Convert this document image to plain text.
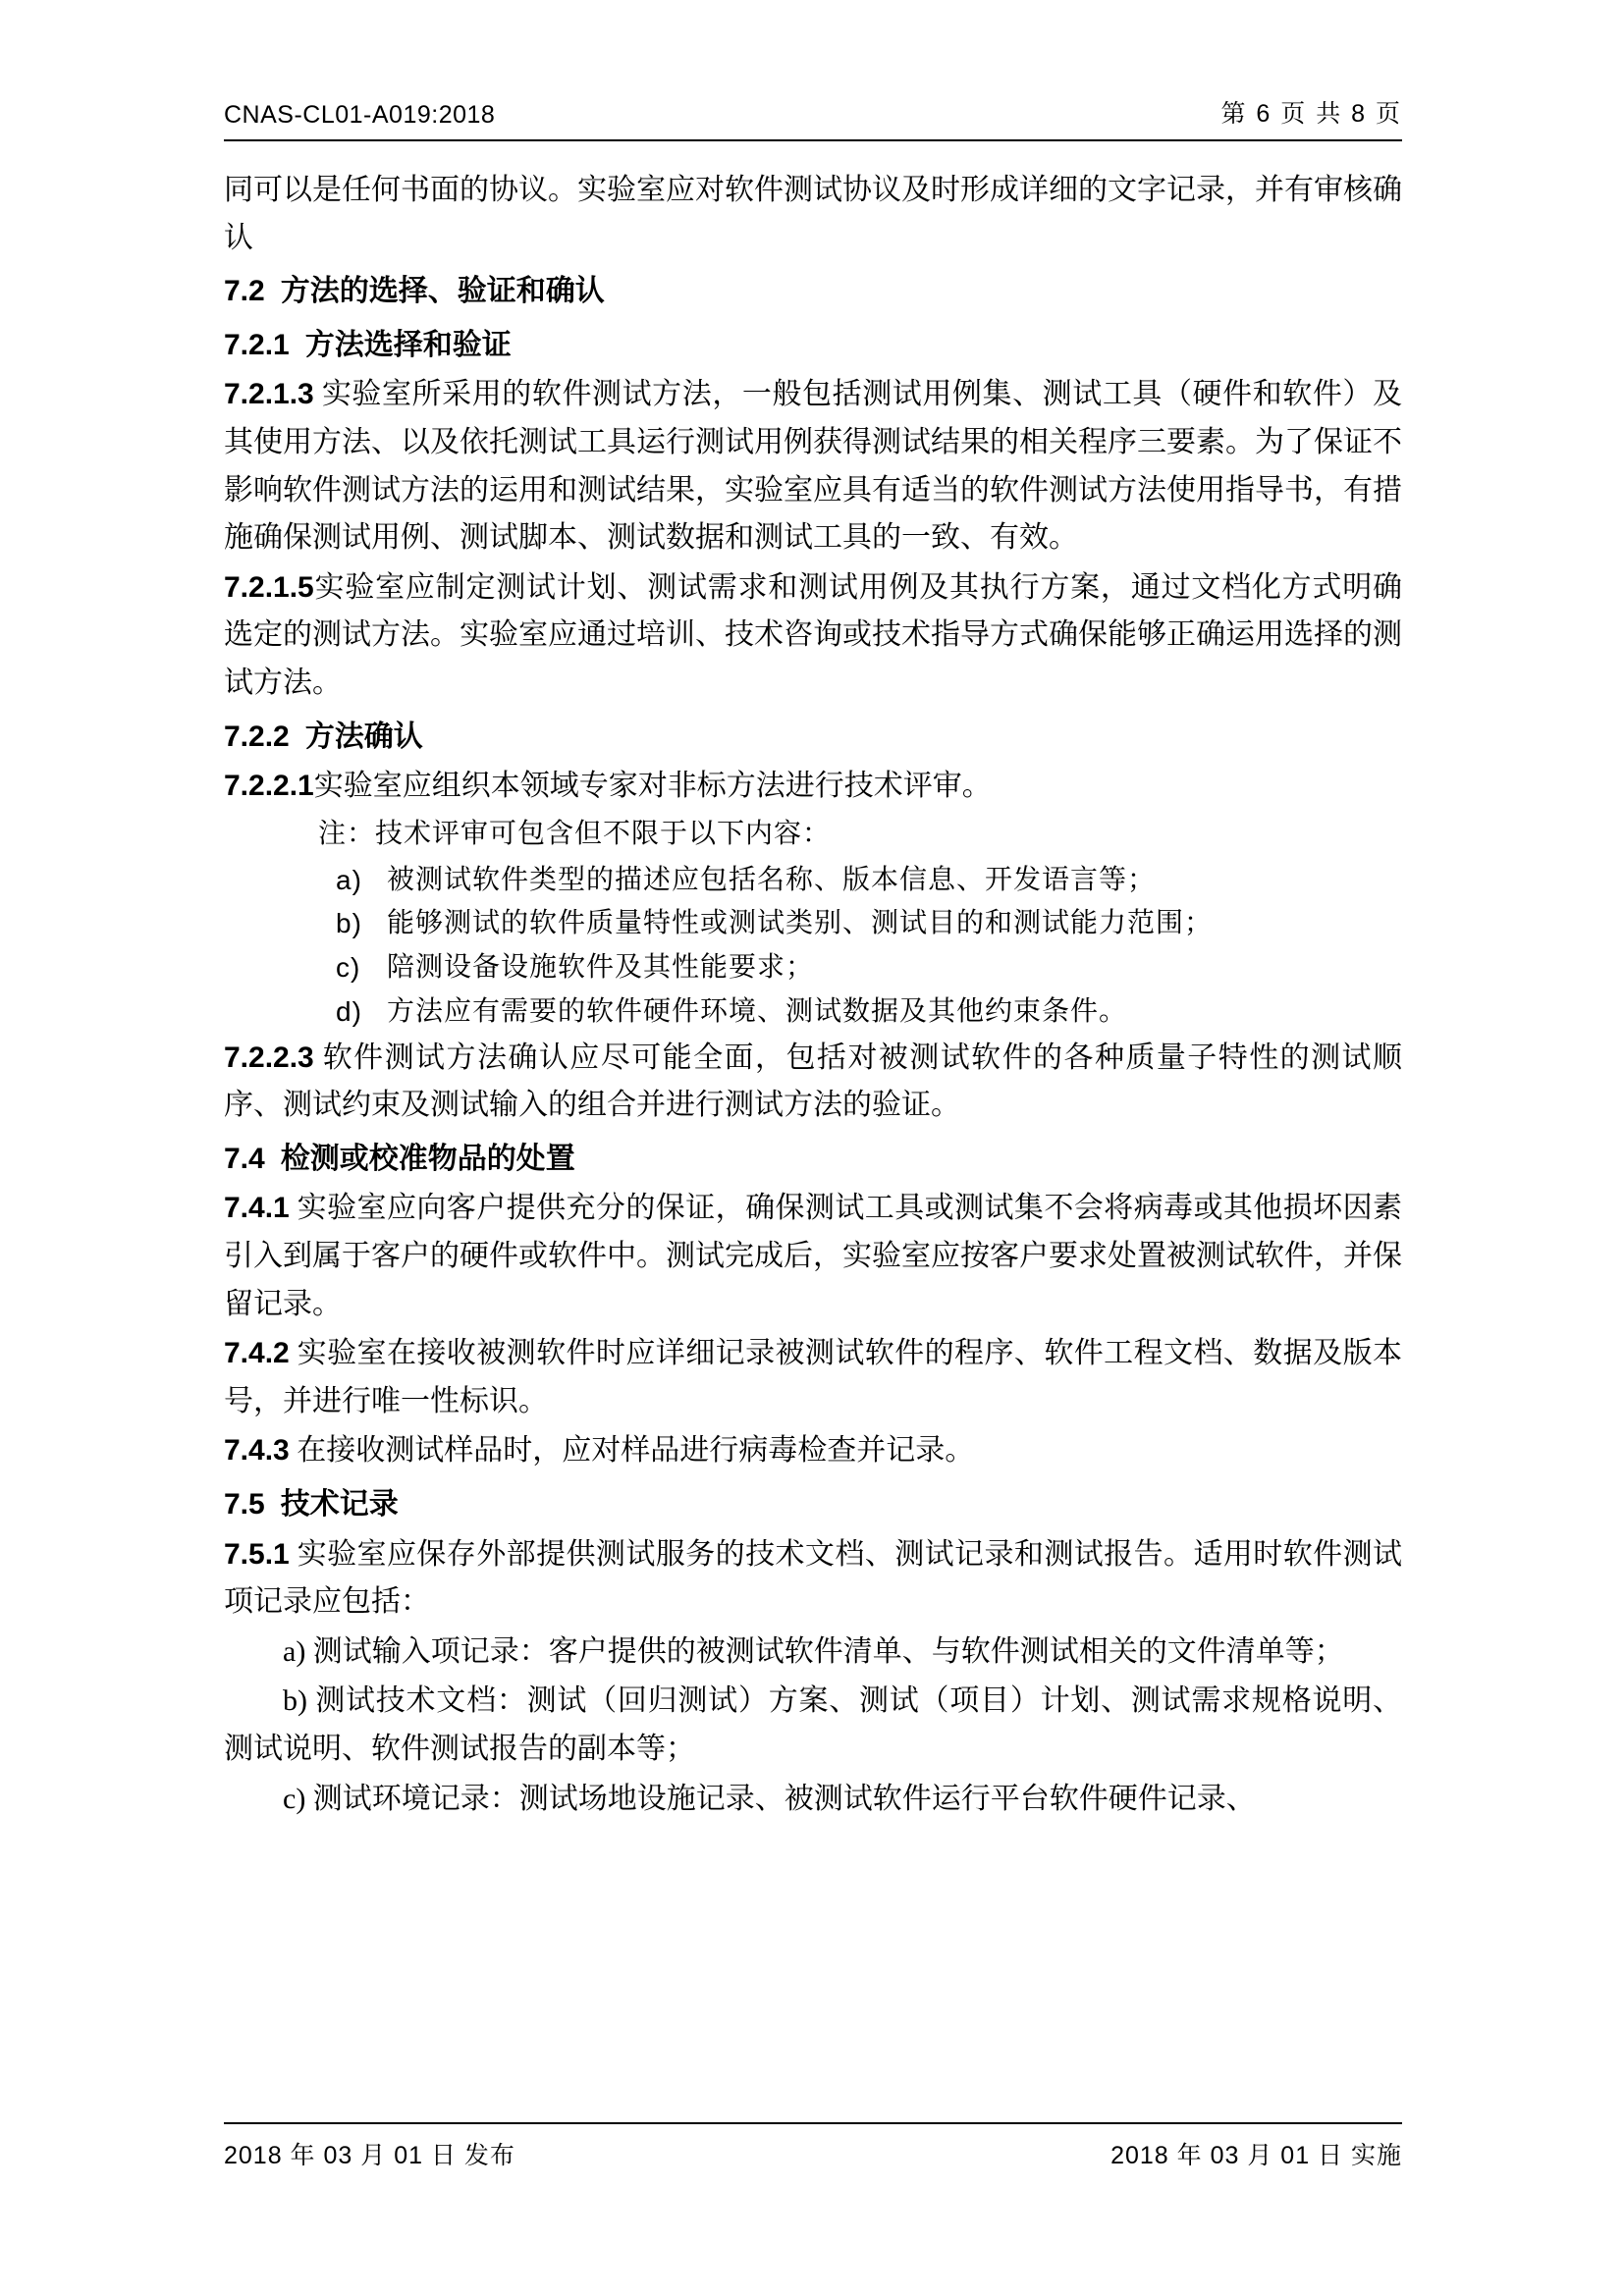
CNAS-CL01-A019:2018	第 6 页 共 8 页

同可以是任何书面的协议。实验室应对软件测试协议及时形成详细的文字记录，并有审核确认

7.2 方法的选择、验证和确认

7.2.1 方法选择和验证

7.2.1.3 实验室所采用的软件测试方法，一般包括测试用例集、测试工具（硬件和软件）及其使用方法、以及依托测试工具运行测试用例获得测试结果的相关程序三要素。为了保证不影响软件测试方法的运用和测试结果，实验室应具有适当的软件测试方法使用指导书，有措施确保测试用例、测试脚本、测试数据和测试工具的一致、有效。

7.2.1.5实验室应制定测试计划、测试需求和测试用例及其执行方案，通过文档化方式明确选定的测试方法。实验室应通过培训、技术咨询或技术指导方式确保能够正确运用选择的测试方法。

7.2.2 方法确认

7.2.2.1实验室应组织本领域专家对非标方法进行技术评审。

注：技术评审可包含但不限于以下内容：

a) 被测试软件类型的描述应包括名称、版本信息、开发语言等；
b) 能够测试的软件质量特性或测试类别、测试目的和测试能力范围；
c) 陪测设备设施软件及其性能要求；
d) 方法应有需要的软件硬件环境、测试数据及其他约束条件。

7.2.2.3 软件测试方法确认应尽可能全面，包括对被测试软件的各种质量子特性的测试顺序、测试约束及测试输入的组合并进行测试方法的验证。

7.4 检测或校准物品的处置

7.4.1 实验室应向客户提供充分的保证，确保测试工具或测试集不会将病毒或其他损坏因素引入到属于客户的硬件或软件中。测试完成后，实验室应按客户要求处置被测试软件，并保留记录。

7.4.2 实验室在接收被测软件时应详细记录被测试软件的程序、软件工程文档、数据及版本号，并进行唯一性标识。

7.4.3 在接收测试样品时，应对样品进行病毒检查并记录。

7.5 技术记录

7.5.1 实验室应保存外部提供测试服务的技术文档、测试记录和测试报告。适用时软件测试项记录应包括：

a) 测试输入项记录：客户提供的被测试软件清单、与软件测试相关的文件清单等；

b) 测试技术文档：测试（回归测试）方案、测试（项目）计划、测试需求规格说明、测试说明、软件测试报告的副本等；

c) 测试环境记录：测试场地设施记录、被测试软件运行平台软件硬件记录、

2018 年 03 月 01 日 发布	2018 年 03 月 01 日 实施
